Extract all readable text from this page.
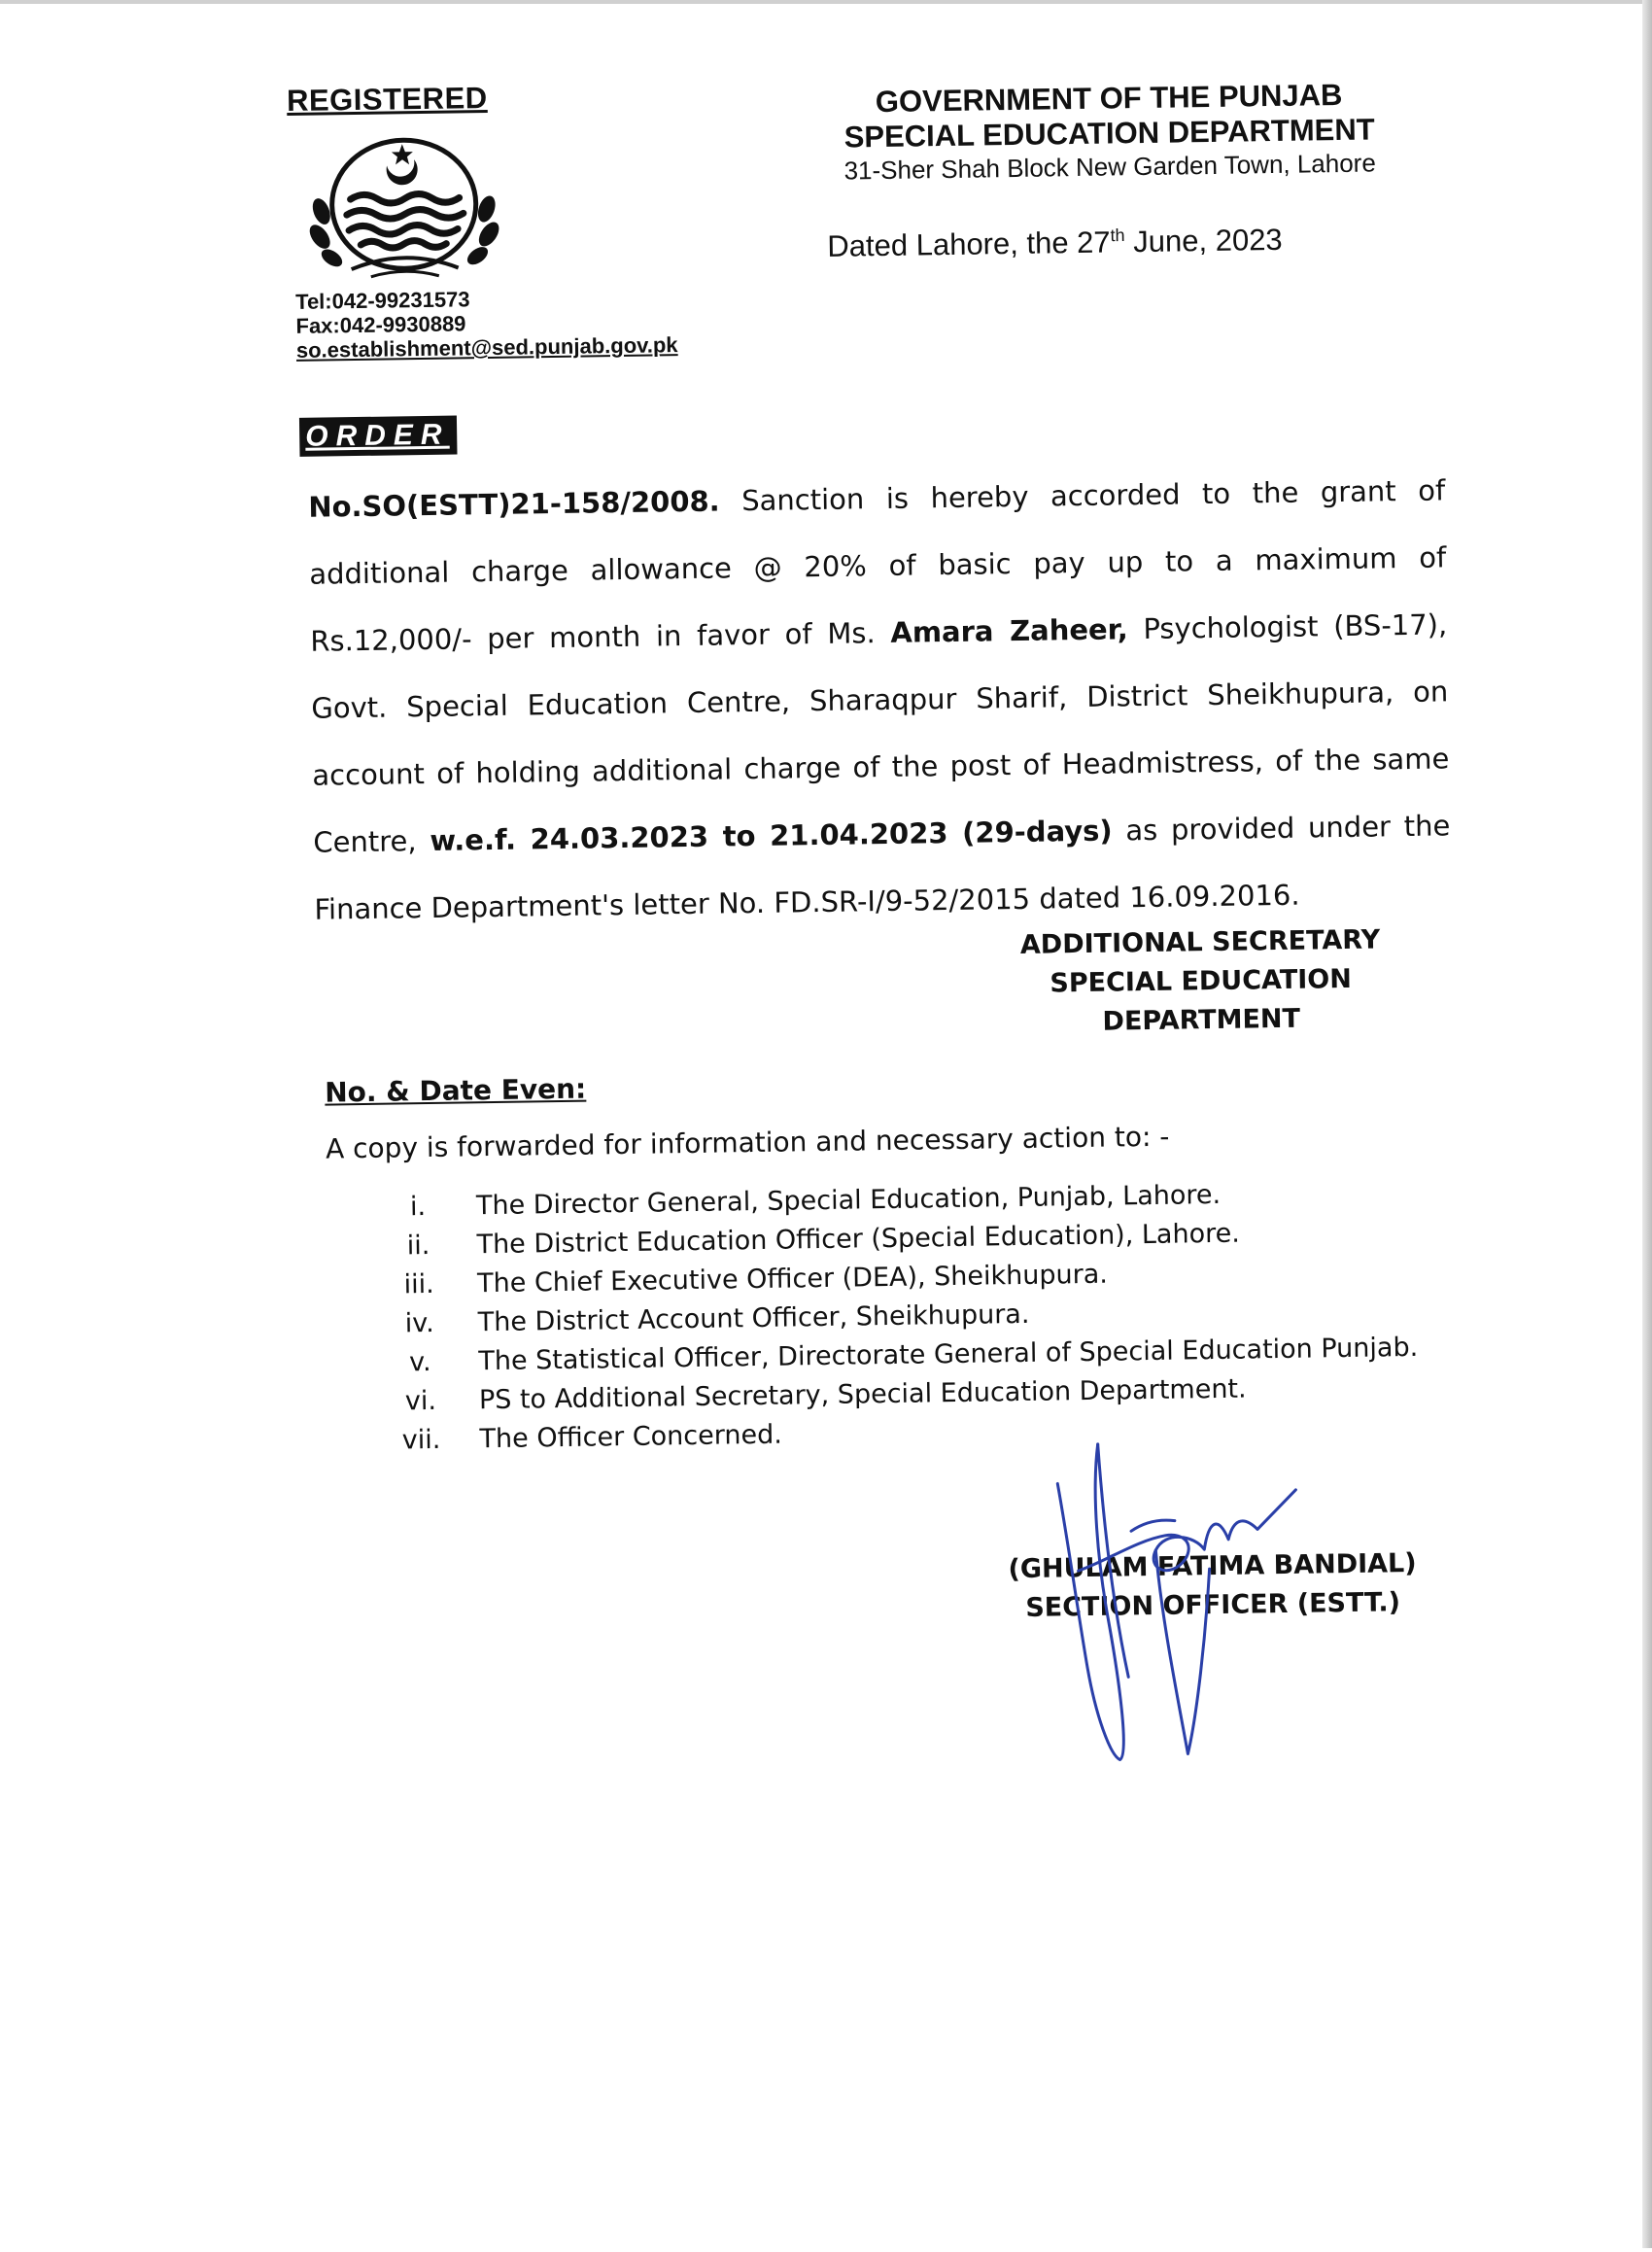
REGISTERED
Tel:042-99231573
Fax:042-9930889
so.establishment@sed.punjab.gov.pk
GOVERNMENT OF THE PUNJAB
SPECIAL EDUCATION DEPARTMENT
31-Sher Shah Block New Garden Town, Lahore
Dated Lahore, the 27th June, 2023
ORDER
No.SO(ESTT)21-158/2008. Sanction is hereby accorded to the grant of additional charge allowance @ 20% of basic pay up to a maximum of Rs.12,000/- per month in favor of Ms. Amara Zaheer, Psychologist (BS-17), Govt. Special Education Centre, Sharaqpur Sharif, District Sheikhupura, on account of holding additional charge of the post of Headmistress, of the same Centre, w.e.f. 24.03.2023 to 21.04.2023 (29-days) as provided under the Finance Department's letter No. FD.SR-I/9-52/2015 dated 16.09.2016.
ADDITIONAL SECRETARY
SPECIAL EDUCATION
DEPARTMENT
No. & Date Even:
A copy is forwarded for information and necessary action to: -
i.	The Director General, Special Education, Punjab, Lahore.
ii.	The District Education Officer (Special Education), Lahore.
iii. The Chief Executive Officer (DEA), Sheikhupura.
iv. The District Account Officer, Sheikhupura.
v.	The Statistical Officer, Directorate General of Special Education Punjab.
vi. PS to Additional Secretary, Special Education Department.
vii. The Officer Concerned.
(GHULAM FATIMA BANDIAL)
SECTION OFFICER (ESTT.)
